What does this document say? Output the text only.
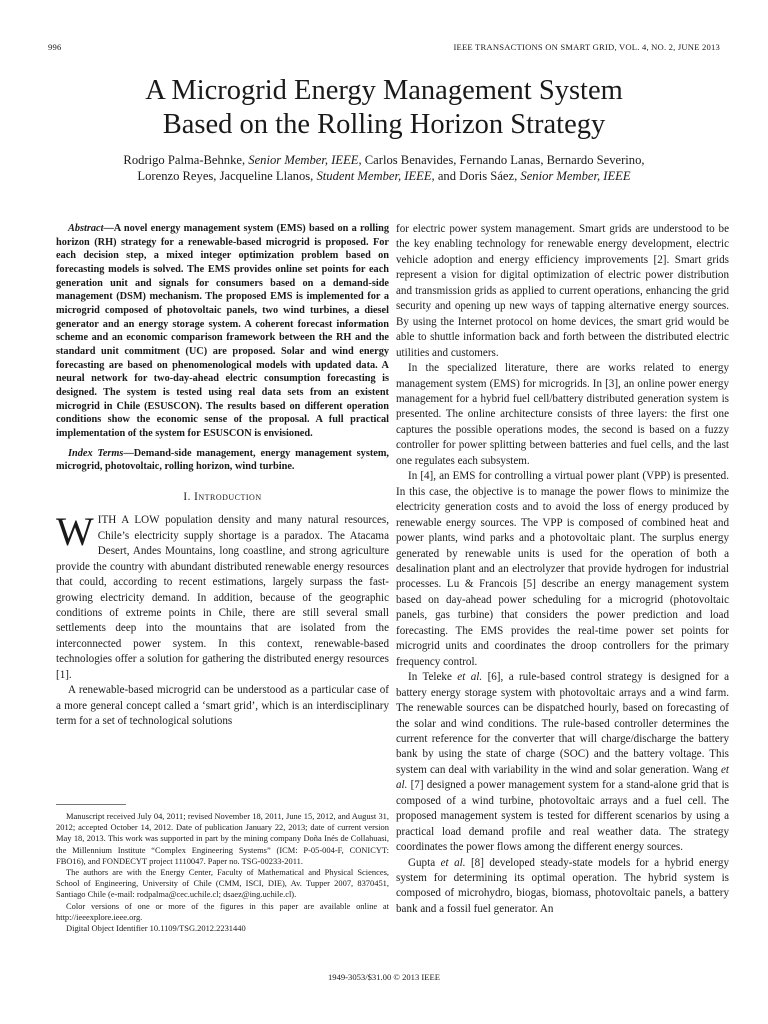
996	IEEE TRANSACTIONS ON SMART GRID, VOL. 4, NO. 2, JUNE 2013
A Microgrid Energy Management System
Based on the Rolling Horizon Strategy
Rodrigo Palma-Behnke, Senior Member, IEEE, Carlos Benavides, Fernando Lanas, Bernardo Severino,
Lorenzo Reyes, Jacqueline Llanos, Student Member, IEEE, and Doris Sáez, Senior Member, IEEE

Abstract—A novel energy management system (EMS) based on a rolling horizon (RH) strategy for a renewable-based microgrid is proposed. For each decision step, a mixed integer optimization problem based on forecasting models is solved. The EMS provides online set points for each generation unit and signals for consumers based on a demand-side management (DSM) mechanism. The proposed EMS is implemented for a microgrid composed of photovoltaic panels, two wind turbines, a diesel generator and an energy storage system. A coherent forecast information scheme and an economic comparison framework between the RH and the standard unit commitment (UC) are proposed. Solar and wind energy forecasting are based on phenomenological models with updated data. A neural network for two-day-ahead electric consumption forecasting is designed. The system is tested using real data sets from an existent microgrid in Chile (ESUSCON). The results based on different operation conditions show the economic sense of the proposal. A full practical implementation of the system for ESUSCON is envisioned.

Index Terms—Demand-side management, energy management system, microgrid, photovoltaic, rolling horizon, wind turbine.

I. Introduction

WITH A LOW population density and many natural resources, Chile’s electricity supply shortage is a paradox. The Atacama Desert, Andes Mountains, long coastline, and strong agriculture provide the country with abundant distributed renewable energy resources that could, according to recent estimations, largely surpass the fast-growing electricity demand. In addition, because of the geographic conditions of extreme points in Chile, there are still several small settlements deep into the mountains that are isolated from the interconnected power system. In this context, renewable-based technologies offer a solution for gathering the distributed energy resources [1].

A renewable-based microgrid can be understood as a particular case of a more general concept called a ‘smart grid’, which is an interdisciplinary term for a set of technological solutions

Manuscript received July 04, 2011; revised November 18, 2011, June 15, 2012, and August 31, 2012; accepted October 14, 2012. Date of publication January 22, 2013; date of current version May 18, 2013. This work was supported in part by the mining company Doña Inés de Collahuasi, the Millennium Institute “Complex Engineering Systems” (ICM: P-05-004-F, CONICYT: FBO16), and FONDECYT project 1110047. Paper no. TSG-00233-2011.

The authors are with the Energy Center, Faculty of Mathematical and Physical Sciences, School of Engineering, University of Chile (CMM, ISCI, DIE), Av. Tupper 2007, 8370451, Santiago Chile (e-mail: rodpalma@cec.uchile.cl; dsaez@ing.uchile.cl).

Color versions of one or more of the figures in this paper are available online at http://ieeexplore.ieee.org.

Digital Object Identifier 10.1109/TSG.2012.2231440

for electric power system management. Smart grids are understood to be the key enabling technology for renewable energy development, electric vehicle adoption and energy efficiency improvements [2]. Smart grids represent a vision for digital optimization of electric power distribution and transmission grids as applied to current operations, enhancing the grid security and opening up new ways of tapping alternative energy sources. By using the Internet protocol on home devices, the smart grid would be able to shuttle information back and forth between the distributed electric utilities and customers.

In the specialized literature, there are works related to energy management system (EMS) for microgrids. In [3], an online power energy management for a hybrid fuel cell/battery distributed generation system is presented. The online architecture consists of three layers: the first one captures the possible operations modes, the second is based on a fuzzy controller for power splitting between batteries and fuel cells, and the last one regulates each subsystem.

In [4], an EMS for controlling a virtual power plant (VPP) is presented. In this case, the objective is to manage the power flows to minimize the electricity generation costs and to avoid the loss of energy produced by renewable energy sources. The VPP is composed of combined heat and power plants, wind parks and a photovoltaic plant. The surplus energy generated by renewable units is used for the operation of both a desalination plant and an electrolyzer that provide hydrogen for industrial processes. Lu & Francois [5] describe an energy management system based on day-ahead power scheduling for a microgrid (photovoltaic panels, gas turbine) that considers the power prediction and load forecasting. The EMS provides the real-time power set points for microgrid units and coordinates the droop controllers for the primary frequency control.

In Teleke et al. [6], a rule-based control strategy is designed for a battery energy storage system with photovoltaic arrays and a wind farm. The renewable sources can be dispatched hourly, based on forecasting of the solar and wind conditions. The rule-based controller determines the current reference for the converter that will charge/discharge the battery bank by using the state of charge (SOC) and the battery voltage. This system can deal with variability in the wind and solar generation. Wang et al. [7] designed a power management system for a stand-alone grid that is composed of a wind turbine, photovoltaic arrays and a fuel cell. The proposed management system is tested for different scenarios by using a practical load demand profile and real weather data. The strategy coordinates the power flows among the different energy sources.

Gupta et al. [8] developed steady-state models for a hybrid energy system for determining its optimal operation. The hybrid system is composed of microhydro, biogas, biomass, photovoltaic panels, a battery bank and a fossil fuel generator. An

1949-3053/$31.00 © 2013 IEEE
